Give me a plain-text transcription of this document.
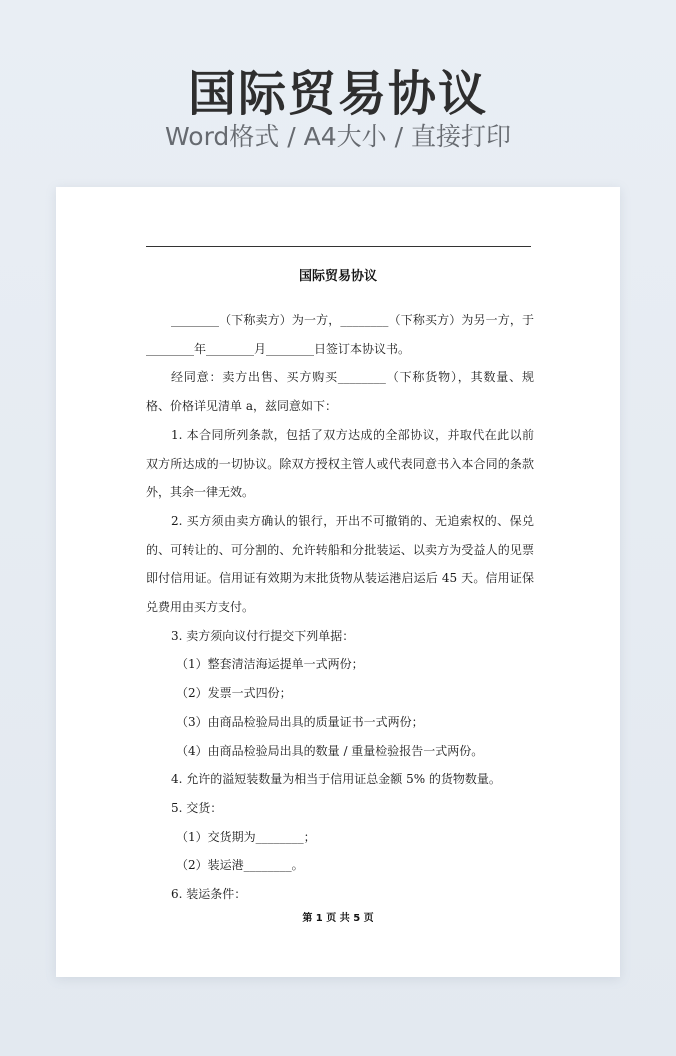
国际贸易协议
Word格式 / A4大小 / 直接打印
国际贸易协议

________（下称卖方）为一方，________（下称买方）为另一方，于________年________月________日签订本协议书。

经同意：卖方出售、买方购买________（下称货物），其数量、规格、价格详见清单 a，兹同意如下：

1. 本合同所列条款，包括了双方达成的全部协议，并取代在此以前双方所达成的一切协议。除双方授权主管人或代表同意书入本合同的条款外，其余一律无效。

2. 买方须由卖方确认的银行，开出不可撤销的、无追索权的、保兑的、可转让的、可分割的、允许转船和分批装运、以卖方为受益人的见票即付信用证。信用证有效期为末批货物从装运港启运后 45 天。信用证保兑费用由买方支付。

3. 卖方须向议付行提交下列单据：

（1）整套清洁海运提单一式两份；

（2）发票一式四份；

（3）由商品检验局出具的质量证书一式两份；

（4）由商品检验局出具的数量 / 重量检验报告一式两份。

4. 允许的溢短装数量为相当于信用证总金额 5% 的货物数量。

5. 交货：

（1）交货期为________；

（2）装运港________。

6. 装运条件：

第 1 页 共 5 页
